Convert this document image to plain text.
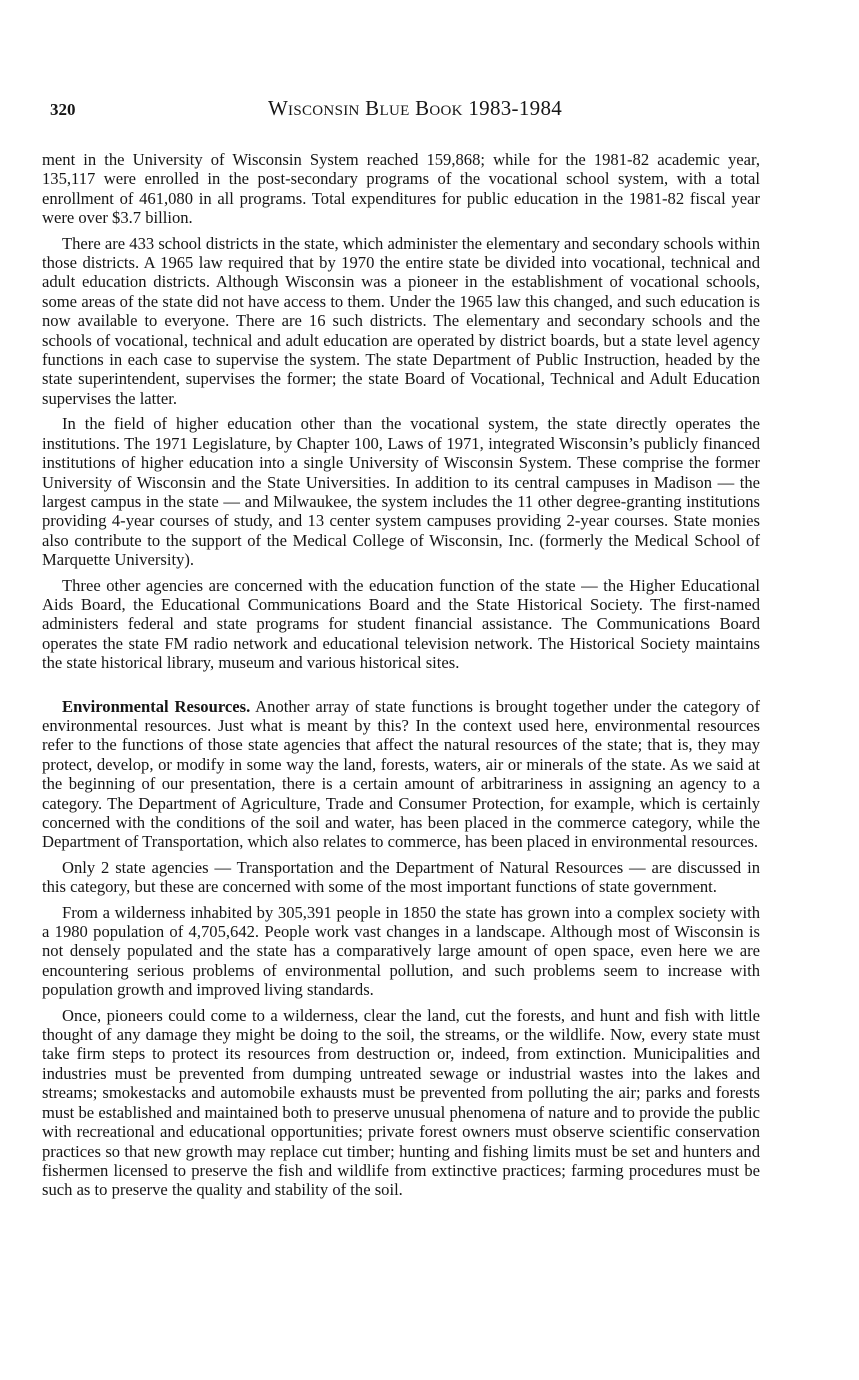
320	Wisconsin Blue Book 1983-1984

ment in the University of Wisconsin System reached 159,868; while for the 1981-82 academic year, 135,117 were enrolled in the post-secondary programs of the vocational school system, with a total enrollment of 461,080 in all programs. Total expenditures for public education in the 1981-82 fiscal year were over $3.7 billion.

There are 433 school districts in the state, which administer the elementary and secondary schools within those districts. A 1965 law required that by 1970 the entire state be divided into vocational, technical and adult education districts. Although Wisconsin was a pioneer in the establishment of vocational schools, some areas of the state did not have access to them. Under the 1965 law this changed, and such education is now available to everyone. There are 16 such districts. The elementary and secondary schools and the schools of vocational, technical and adult education are operated by district boards, but a state level agency functions in each case to supervise the system. The state Department of Public Instruction, headed by the state superintendent, supervises the former; the state Board of Vocational, Technical and Adult Education supervises the latter.

In the field of higher education other than the vocational system, the state directly operates the institutions. The 1971 Legislature, by Chapter 100, Laws of 1971, integrated Wisconsin’s publicly financed institutions of higher education into a single University of Wisconsin System. These comprise the former University of Wisconsin and the State Universities. In addition to its central campuses in Madison — the largest campus in the state — and Milwaukee, the system includes the 11 other degree-granting institutions providing 4-year courses of study, and 13 center system campuses providing 2-year courses. State monies also contribute to the support of the Medical College of Wisconsin, Inc. (formerly the Medical School of Marquette University).

Three other agencies are concerned with the education function of the state — the Higher Educational Aids Board, the Educational Communications Board and the State Historical Society. The first-named administers federal and state programs for student financial assistance. The Communications Board operates the state FM radio network and educational television network. The Historical Society maintains the state historical library, museum and various historical sites.

Environmental Resources. Another array of state functions is brought together under the category of environmental resources. Just what is meant by this? In the context used here, environmental resources refer to the functions of those state agencies that affect the natural resources of the state; that is, they may protect, develop, or modify in some way the land, forests, waters, air or minerals of the state. As we said at the beginning of our presentation, there is a certain amount of arbitrariness in assigning an agency to a category. The Department of Agriculture, Trade and Consumer Protection, for example, which is certainly concerned with the conditions of the soil and water, has been placed in the commerce category, while the Department of Transportation, which also relates to commerce, has been placed in environmental resources.

Only 2 state agencies — Transportation and the Department of Natural Resources — are discussed in this category, but these are concerned with some of the most important functions of state government.

From a wilderness inhabited by 305,391 people in 1850 the state has grown into a complex society with a 1980 population of 4,705,642. People work vast changes in a landscape. Although most of Wisconsin is not densely populated and the state has a comparatively large amount of open space, even here we are encountering serious problems of environmental pollution, and such problems seem to increase with population growth and improved living standards.

Once, pioneers could come to a wilderness, clear the land, cut the forests, and hunt and fish with little thought of any damage they might be doing to the soil, the streams, or the wildlife. Now, every state must take firm steps to protect its resources from destruction or, indeed, from extinction. Municipalities and industries must be prevented from dumping untreated sewage or industrial wastes into the lakes and streams; smokestacks and automobile exhausts must be prevented from polluting the air; parks and forests must be established and maintained both to preserve unusual phenomena of nature and to provide the public with recreational and educational opportunities; private forest owners must observe scientific conservation practices so that new growth may replace cut timber; hunting and fishing limits must be set and hunters and fishermen licensed to preserve the fish and wildlife from extinctive practices; farming procedures must be such as to preserve the quality and stability of the soil.
